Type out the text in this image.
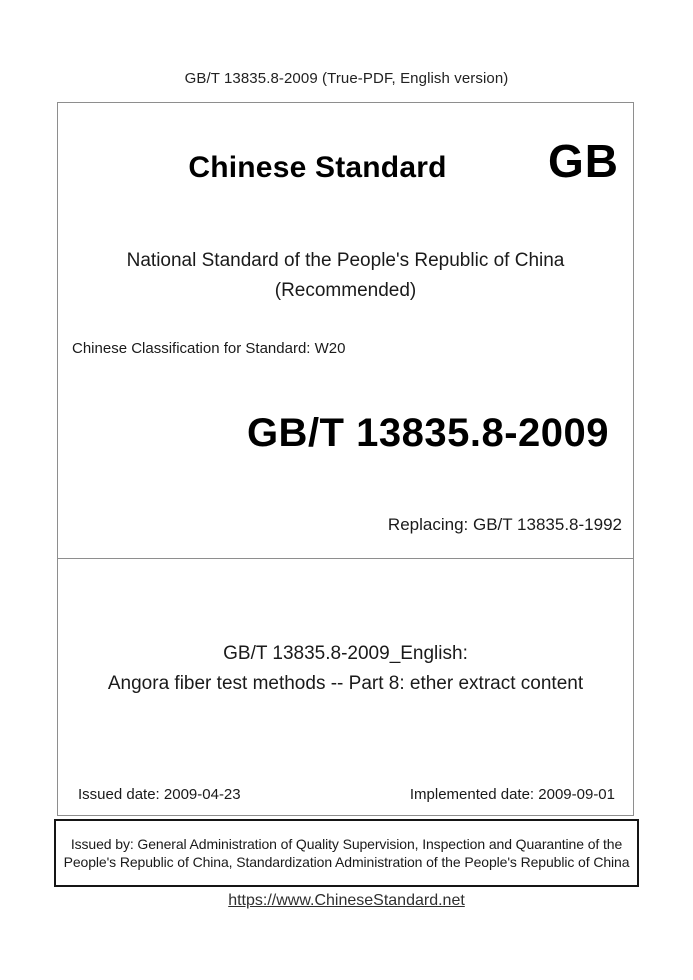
GB/T 13835.8-2009 (True-PDF, English version)
Chinese Standard	GB
National Standard of the People's Republic of China
(Recommended)
Chinese Classification for Standard: W20
GB/T 13835.8-2009
Replacing: GB/T 13835.8-1992
GB/T 13835.8-2009_English:
Angora fiber test methods -- Part 8: ether extract content
Issued date: 2009-04-23	Implemented date: 2009-09-01
Issued by: General Administration of Quality Supervision, Inspection and Quarantine of the People's Republic of China, Standardization Administration of the People's Republic of China
https://www.ChineseStandard.net
